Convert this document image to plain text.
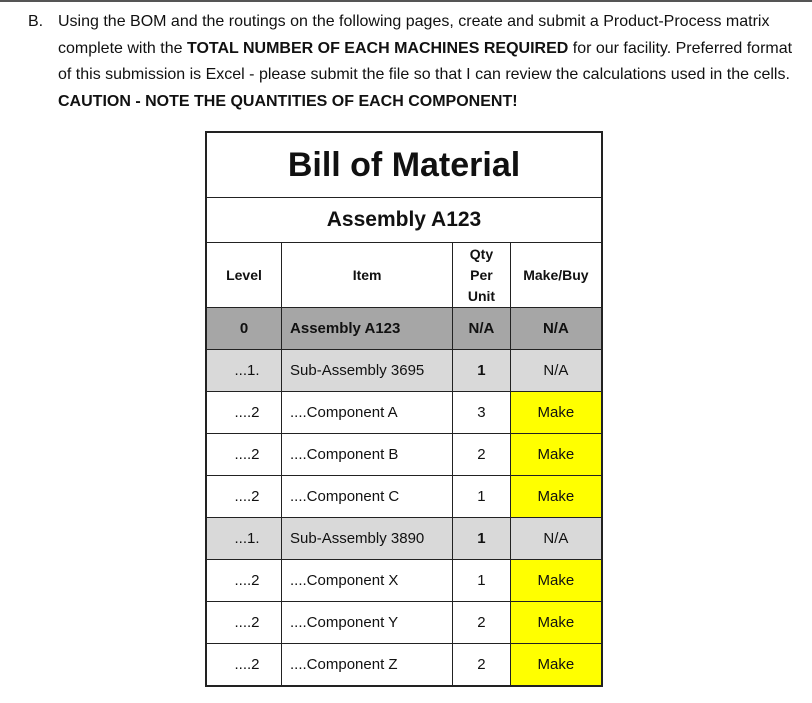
B. Using the BOM and the routings on the following pages, create and submit a Product-Process matrix complete with the TOTAL NUMBER OF EACH MACHINES REQUIRED for our facility. Preferred format of this submission is Excel - please submit the file so that I can review the calculations used in the cells. CAUTION - NOTE THE QUANTITIES OF EACH COMPONENT!
Bill of Material			
Assembly A123			
Level	Item	Qty
Per
Unit	Make/Buy
0	Assembly A123	N/A	N/A
...1.	Sub-Assembly 3695	1	N/A
....2	....Component A	3	Make
....2	....Component B	2	Make
....2	....Component C	1	Make
...1.	Sub-Assembly 3890	1	N/A
....2	....Component X	1	Make
....2	....Component Y	2	Make
....2	....Component Z	2	Make
